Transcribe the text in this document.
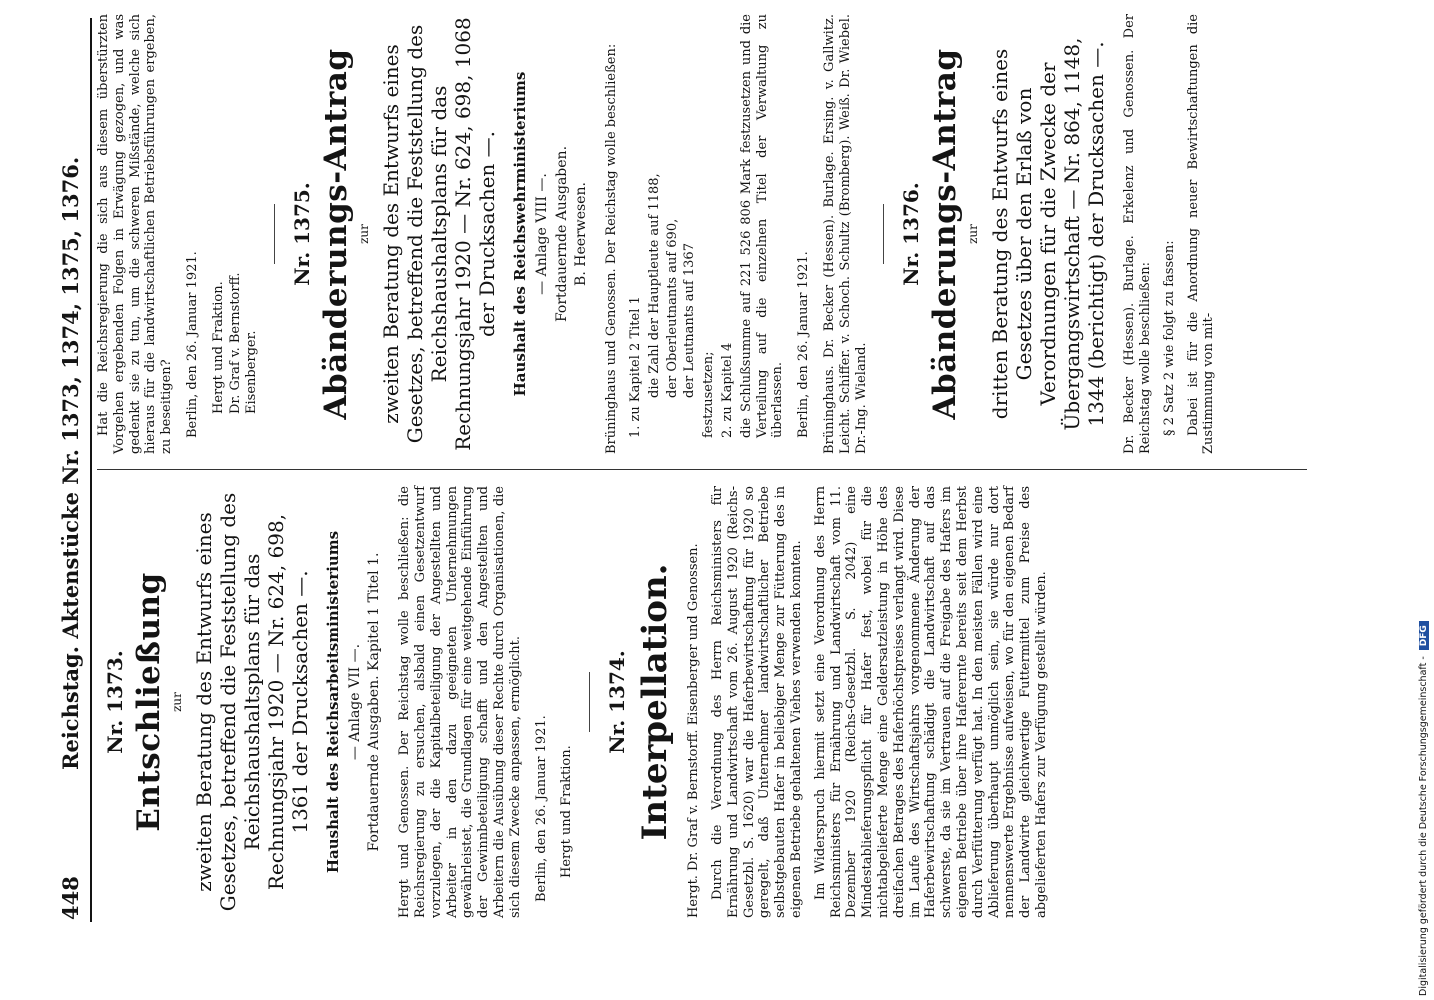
448
Reichstag. Aktenstücke Nr. 1373, 1374, 1375, 1376. Nr. 1373. Entschließung zur zweiten Beratung des Entwurfs eines Gesetzes, betreffend die Feststellung des Reichshaushaltsplans für das Rechnungsjahr 1920 — Nr. 624, 698, 1361 der Drucksachen —. Haushalt des Reichsarbeitsministeriums — Anlage VII —. Fortdauernde Ausgaben. Kapitel 1 Titel 1. Hergt und Genossen. Der Reichstag wolle beschließen: die Reichsregierung zu ersuchen, alsbald einen Gesetzentwurf vorzulegen, der die Kapitalbeteiligung der Angestellten und Arbeiter in den dazu geeigneten Unternehmungen gewährleistet, die Grundlagen für eine weitgehende Einführung der Gewinnbeteiligung schafft und den Angestellten und Arbeitern die Ausübung dieser Rechte durch Organisationen, die sich diesem Zwecke anpassen, ermöglicht. Berlin, den 26. Januar 1921. Hergt und Fraktion.
Nr. 1374. Interpellation. Hergt. Dr. Graf v. Bernstorff. Eisenberger und Genossen. Durch die Verordnung des Herrn Reichsministers für Ernährung und Landwirtschaft vom 26. August 1920 (Reichs-Gesetzbl. S. 1620) war die Haferbewirtschaftung für 1920 so geregelt, daß Unternehmer landwirtschaftlicher Betriebe selbstgebauten Hafer in beliebiger Menge zur Fütterung des in eigenen Betriebe gehaltenen Viehes verwenden konnten. Im Widerspruch hiermit setzt eine Verordnung des Herrn Reichsministers für Ernährung und Landwirtschaft vom 11. Dezember 1920 (Reichs-Gesetzbl. S. 2042) eine Mindestablieferungspflicht für Hafer fest, wobei für die nichtabgelieferte Menge eine Geldersatzleistung in Höhe des dreifachen Betrages des Haferhöchstpreises verlangt wird. Diese im Laufe des Wirtschaftsjahrs vorgenommene Änderung der Haferbewirtschaftung schädigt die Landwirtschaft auf das schwerste, da sie im Vertrauen auf die Freigabe des Hafers im eigenen Betriebe über ihre Haferernte bereits seit dem Herbst durch Verfütterung verfügt hat. In den meisten Fällen wird eine Ablieferung überhaupt unmöglich sein, sie würde nur dort nennenswerte Ergebnisse aufweisen, wo für den eigenen Bedarf der Landwirte gleichwertige Futtermittel zum Preise des abgelieferten Hafers zur Verfügung gestellt würden.
Hat die Reichsregierung die sich aus diesem überstürzten Vorgehen ergebenden Folgen in Erwägung gezogen, und was gedenkt sie zu tun, um die schweren Mißstände, welche sich hieraus für die landwirtschaftlichen Betriebsführungen ergeben, zu beseitigen? Berlin, den 26. Januar 1921. Hergt und Fraktion. Dr. Graf v. Bernstorff. Eisenberger.
Nr. 1375. Abänderungs-Antrag zur zweiten Beratung des Entwurfs eines Gesetzes, betreffend die Feststellung des Reichshaushaltsplans für das Rechnungsjahr 1920 — Nr. 624, 698, 1068 der Drucksachen —. Haushalt des Reichswehrministeriums — Anlage VIII —. Fortdauernde Ausgaben. B. Heerwesen. Brüninghaus und Genossen. Der Reichstag wolle beschließen: 1. zu Kapitel 2 Titel 1 die Zahl der Hauptleute auf 1188, der Oberleutnants auf 690, der Leutnants auf 1367 festzusetzen; 2. zu Kapitel 4 die Schlußsumme auf 221 526 806 Mark festzusetzen und die Verteilung auf die einzelnen Titel der Verwaltung zu überlassen. Berlin, den 26. Januar 1921. Brüninghaus. Dr. Becker (Hessen). Burlage. Ersing. v. Gallwitz. Leicht. Schiffer. v. Schoch. Schultz (Bromberg). Weiß. Dr. Wiebel. Dr.-Ing. Wieland.
Nr. 1376. Abänderungs-Antrag zur dritten Beratung des Entwurfs eines Gesetzes über den Erlaß von Verordnungen für die Zwecke der Übergangswirtschaft — Nr. 864, 1148, 1344 (berichtigt) der Drucksachen —. Dr. Becker (Hessen). Burlage. Erkelenz und Genossen. Der Reichstag wolle beschließen: § 2 Satz 2 wie folgt zu fassen: Dabei ist für die Anordnung neuer Bewirtschaftungen die Zustimmung von mit-
Digitalisierung gefördert durch die Deutsche Forschungsgemeinschaft -DFG
